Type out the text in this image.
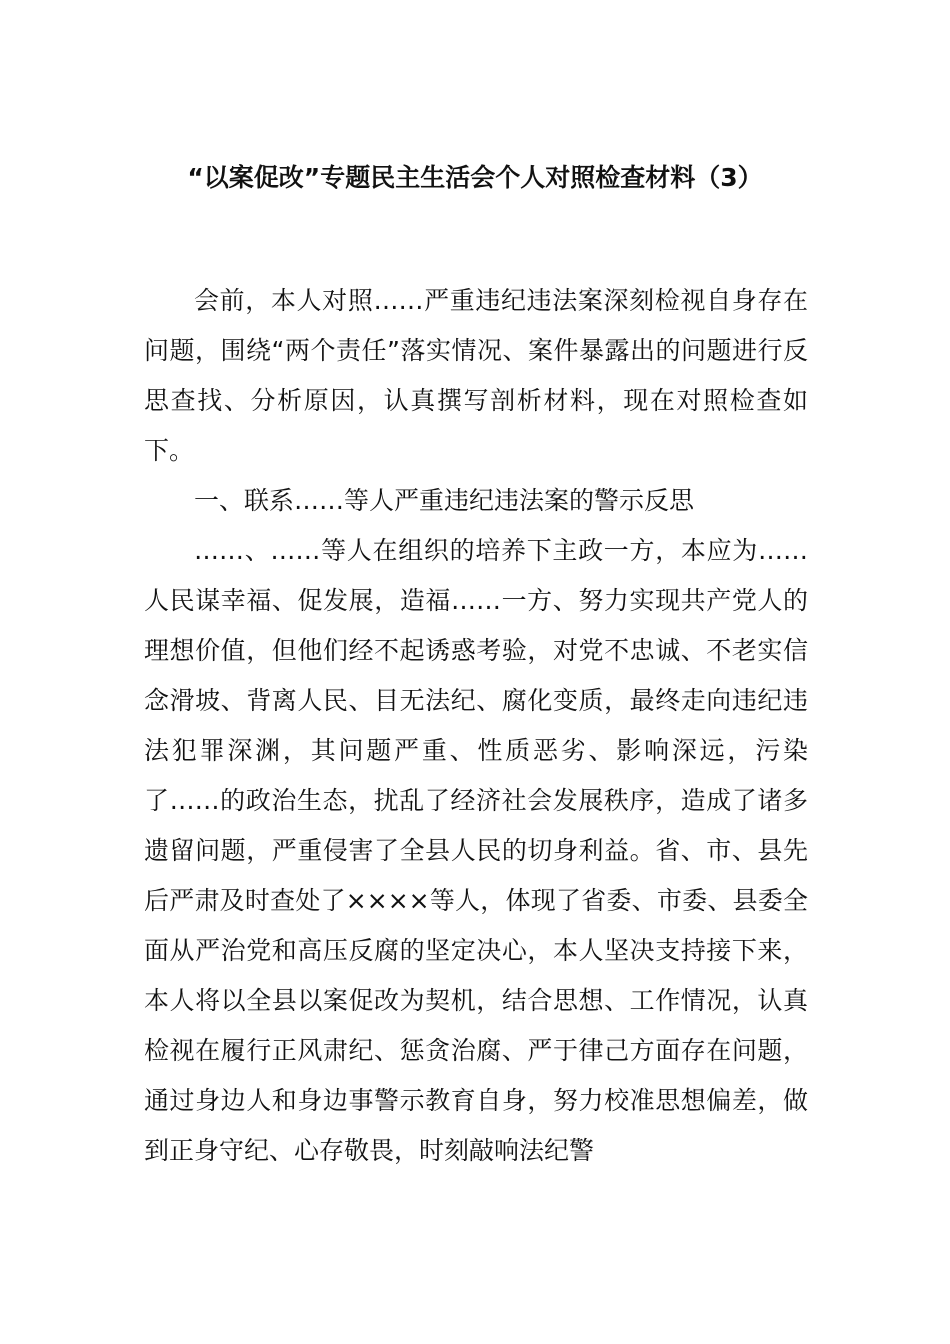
“以案促改”专题民主生活会个人对照检查材料（3）

会前，本人对照……严重违纪违法案深刻检视自身存在问题，围绕“两个责任”落实情况、案件暴露出的问题进行反思查找、分析原因，认真撰写剖析材料，现在对照检查如下。

一、联系……等人严重违纪违法案的警示反思

……、……等人在组织的培养下主政一方，本应为……人民谋幸福、促发展，造福……一方、努力实现共产党人的理想价值，但他们经不起诱惑考验，对党不忠诚、不老实信念滑坡、背离人民、目无法纪、腐化变质，最终走向违纪违法犯罪深渊，其问题严重、性质恶劣、影响深远，污染了……的政治生态，扰乱了经济社会发展秩序，造成了诸多遗留问题，严重侵害了全县人民的切身利益。省、市、县先后严肃及时查处了××××等人，体现了省委、市委、县委全面从严治党和高压反腐的坚定决心，本人坚决支持接下来，本人将以全县以案促改为契机，结合思想、工作情况，认真检视在履行正风肃纪、惩贪治腐、严于律己方面存在问题，通过身边人和身边事警示教育自身，努力校准思想偏差，做到正身守纪、心存敬畏，时刻敲响法纪警
